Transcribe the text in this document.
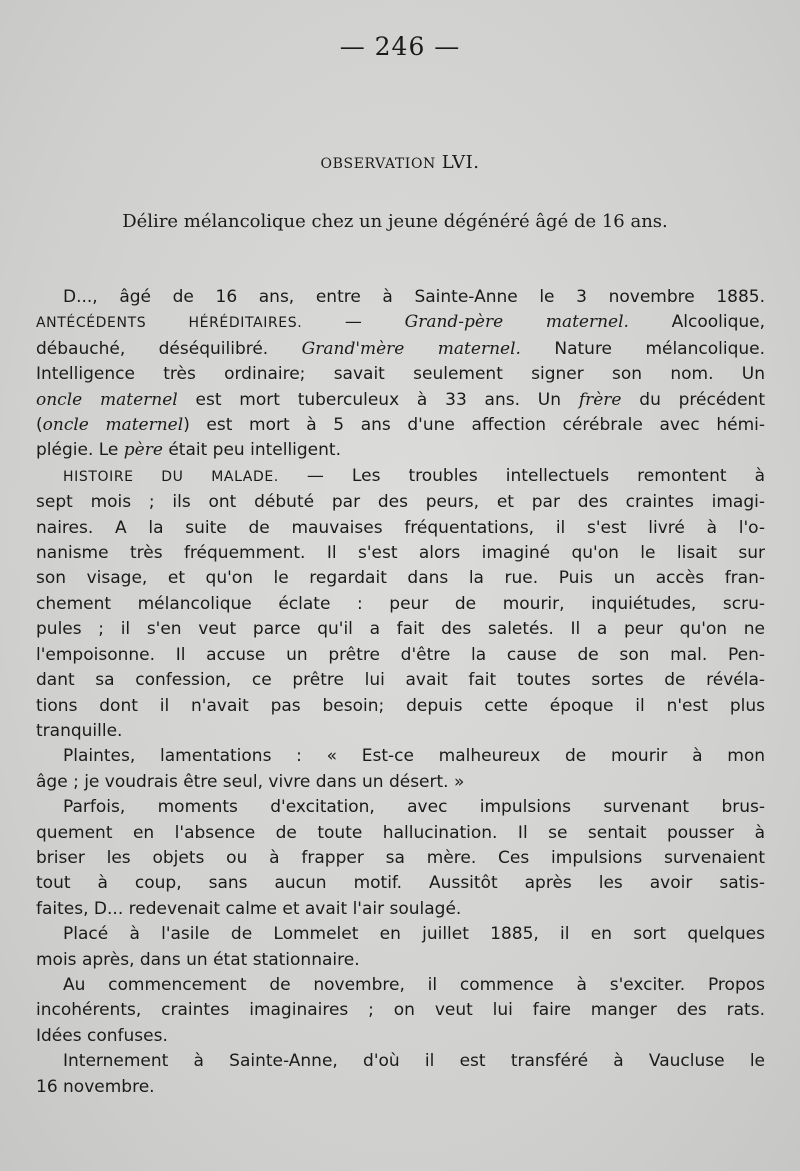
— 246 —
OBSERVATION LVI.
Délire mélancolique chez un jeune dégénéré âgé de 16 ans.
D..., âgé de 16 ans, entre à Sainte-Anne le 3 novembre 1885.
ANTÉCÉDENTS HÉRÉDITAIRES. — Grand-père maternel. Alcoolique,
débauché, déséquilibré. Grand'mère maternel. Nature mélancolique.
Intelligence très ordinaire; savait seulement signer son nom. Un
oncle maternel est mort tuberculeux à 33 ans. Un frère du précédent
(oncle maternel) est mort à 5 ans d'une affection cérébrale avec hémi-
plégie. Le père était peu intelligent.
HISTOIRE DU MALADE. — Les troubles intellectuels remontent à
sept mois ; ils ont débuté par des peurs, et par des craintes imagi-
naires. A la suite de mauvaises fréquentations, il s'est livré à l'o-
nanisme très fréquemment. Il s'est alors imaginé qu'on le lisait sur
son visage, et qu'on le regardait dans la rue. Puis un accès fran-
chement mélancolique éclate : peur de mourir, inquiétudes, scru-
pules ; il s'en veut parce qu'il a fait des saletés. Il a peur qu'on ne
l'empoisonne. Il accuse un prêtre d'être la cause de son mal. Pen-
dant sa confession, ce prêtre lui avait fait toutes sortes de révéla-
tions dont il n'avait pas besoin; depuis cette époque il n'est plus
tranquille.
Plaintes, lamentations : « Est-ce malheureux de mourir à mon
âge ; je voudrais être seul, vivre dans un désert. »
Parfois, moments d'excitation, avec impulsions survenant brus-
quement en l'absence de toute hallucination. Il se sentait pousser à
briser les objets ou à frapper sa mère. Ces impulsions survenaient
tout à coup, sans aucun motif. Aussitôt après les avoir satis-
faites, D... redevenait calme et avait l'air soulagé.
Placé à l'asile de Lommelet en juillet 1885, il en sort quelques
mois après, dans un état stationnaire.
Au commencement de novembre, il commence à s'exciter. Propos
incohérents, craintes imaginaires ; on veut lui faire manger des rats.
Idées confuses.
Internement à Sainte-Anne, d'où il est transféré à Vaucluse le
16 novembre.
